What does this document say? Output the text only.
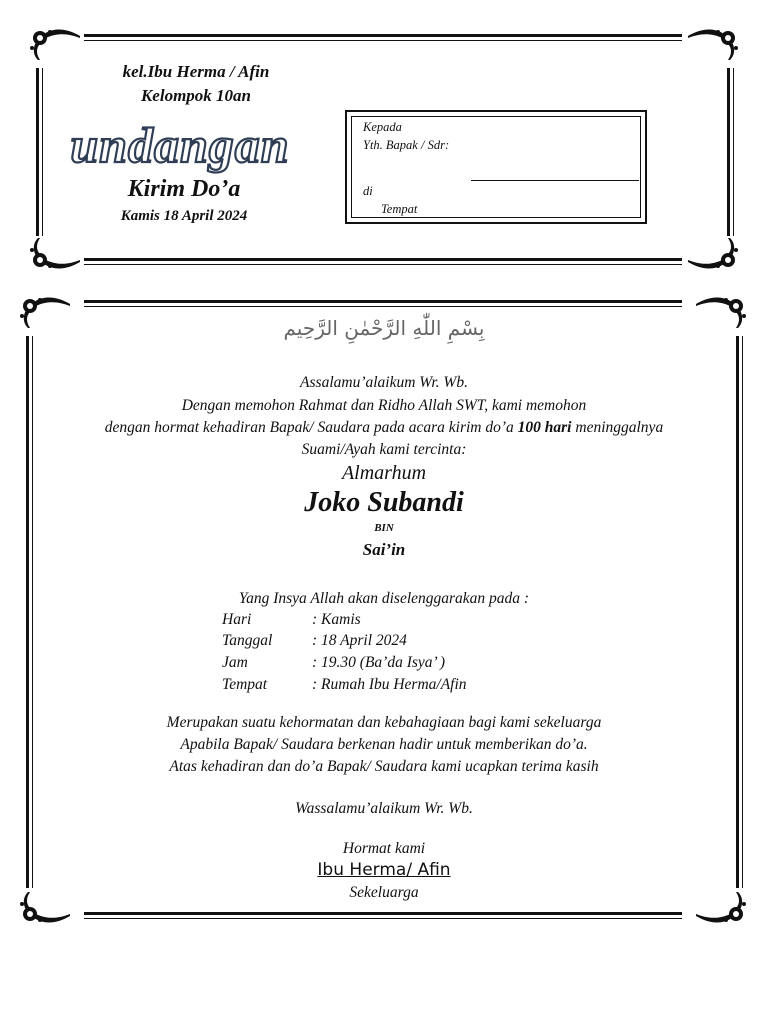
kel.Ibu Herma / Afin
Kelompok 10an
undangan
Kirim Do’a
Kamis 18 April 2024
Kepada
Yth. Bapak / Sdr:
di
Tempat
بِسْمِ اللّٰهِ الرَّحْمٰنِ الرَّحِيم
Assalamu’alaikum Wr. Wb.
Dengan memohon Rahmat dan Ridho Allah SWT, kami memohon
dengan hormat kehadiran Bapak/ Saudara pada acara kirim do’a 100 hari meninggalnya
Suami/Ayah kami tercinta:
Almarhum
Joko Subandi
BIN
Sai’in
Yang Insya Allah akan diselenggarakan pada :
Hari	: Kamis
Tanggal	: 18 April 2024
Jam	: 19.30 (Ba’da Isya’ )
Tempat	: Rumah Ibu Herma/Afin
Merupakan suatu kehormatan dan kebahagiaan bagi kami sekeluarga
Apabila Bapak/ Saudara berkenan hadir untuk memberikan do’a.
Atas kehadiran dan do’a Bapak/ Saudara kami ucapkan terima kasih
Wassalamu’alaikum Wr. Wb.
Hormat kami
Ibu Herma/ Afin
Sekeluarga
